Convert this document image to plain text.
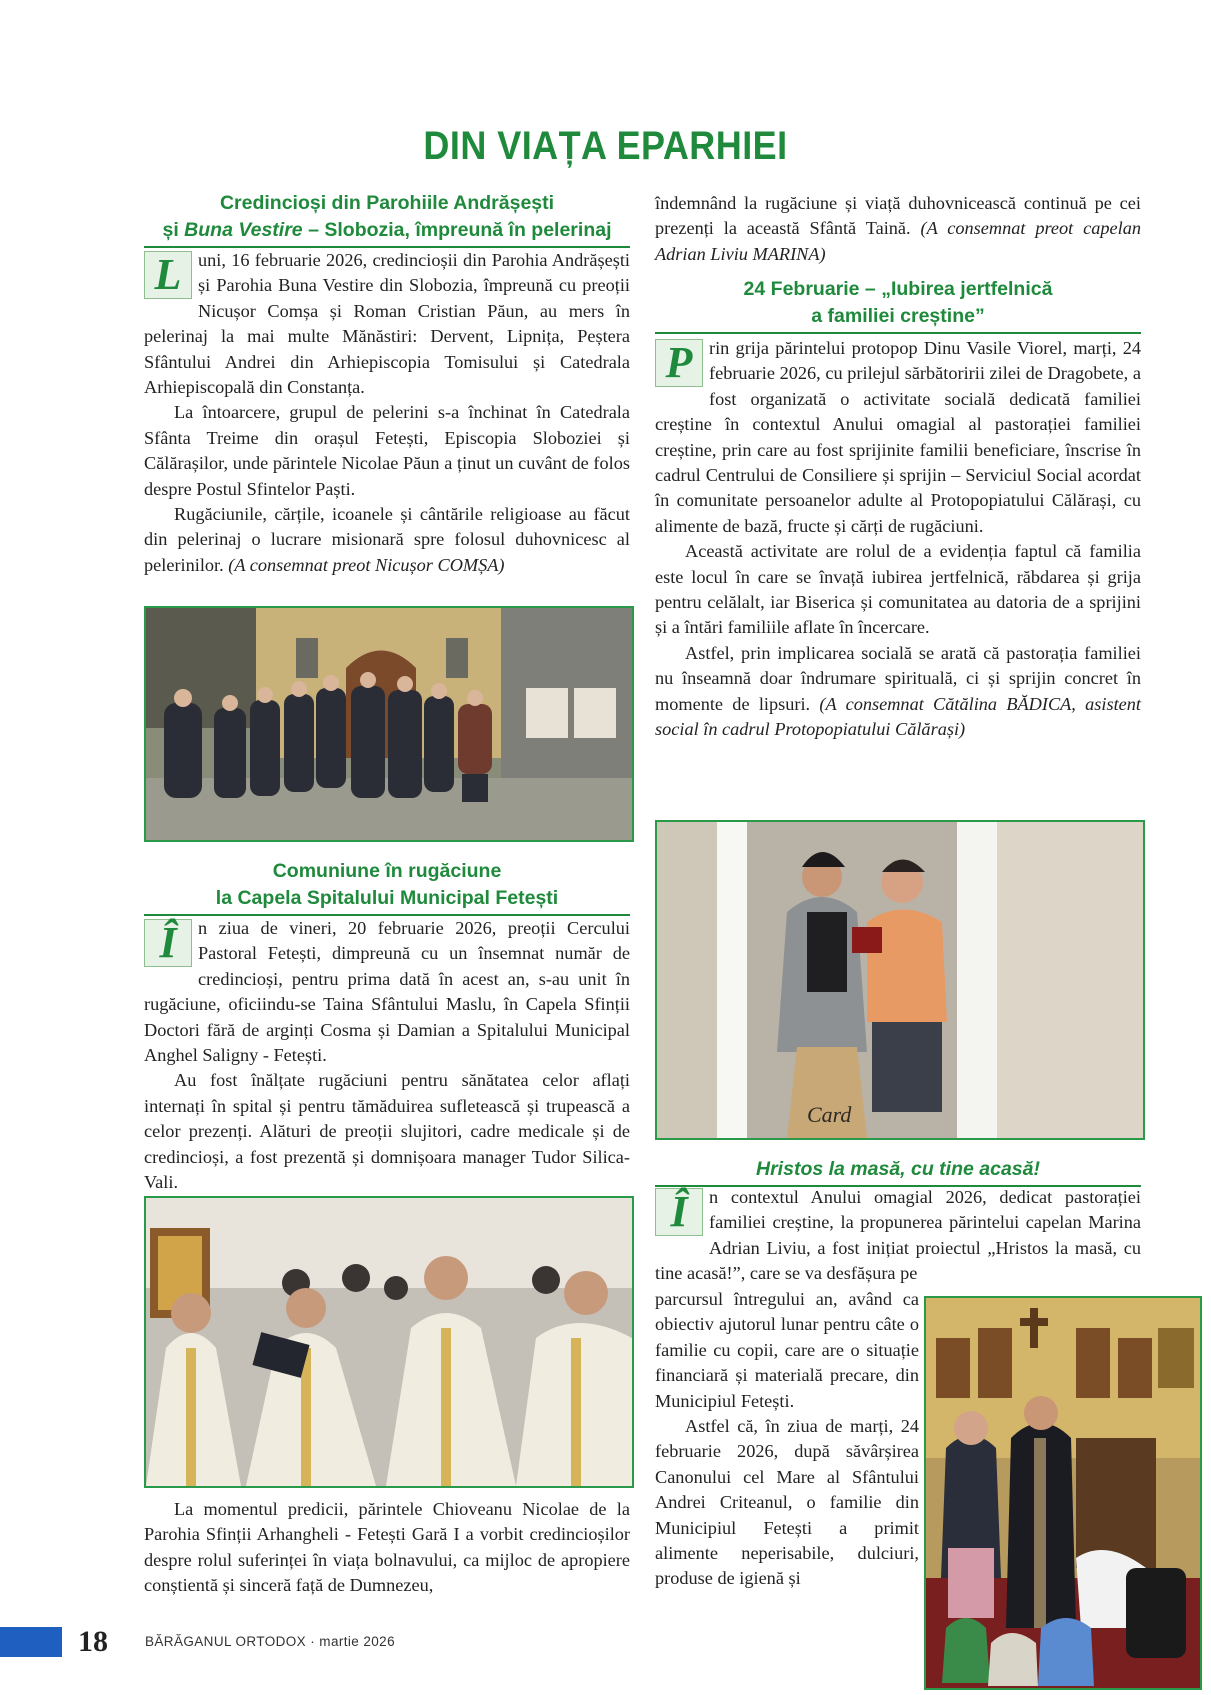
DIN VIAȚA EPARHIEI
Credincioși din Parohiile Andrășești
și Buna Vestire – Slobozia, împreună în pelerinaj

L uni, 16 februarie 2026, credincioșii din Parohia Andrășești și Parohia Buna Vestire din Slobozia, împreună cu preoții Nicușor Comșa și Roman Cristian Păun, au mers în pelerinaj la mai multe Mănăstiri: Dervent, Lipnița, Peștera Sfântului Andrei din Arhiepiscopia Tomisului și Catedrala Arhiepiscopală din Constanța.

La întoarcere, grupul de pelerini s-a închinat în Catedrala Sfânta Treime din orașul Fetești, Episcopia Sloboziei și Călărașilor, unde părintele Nicolae Păun a ținut un cuvânt de folos despre Postul Sfintelor Paști.

Rugăciunile, cărțile, icoanele și cântările religioase au făcut din pelerinaj o lucrare misionară spre folosul duhovnicesc al pelerinilor. (A consemnat preot Nicușor COMȘA)

Comuniune în rugăciune
la Capela Spitalului Municipal Fetești

Î	n ziua de vineri, 20 februarie 2026, preoții Cercului Pastoral Fetești, dimpreună cu un însemnat număr de credincioși, pentru prima dată în acest an, s-au unit în rugăciune, oficiindu-se Taina Sfântului Maslu, în Capela Sfinții Doctori fără de arginți Cosma și Damian a Spitalului Municipal Anghel Saligny - Fetești.

Au fost înălțate rugăciuni pentru sănătatea celor aflați internați în spital și pentru tămăduirea sufletească și trupească a celor prezenți. Alături de preoții slujitori, cadre medicale și de credincioși, a fost prezentă și domnișoara manager Tudor Silica-Vali.

La momentul predicii, părintele Chioveanu Nicolae de la Parohia Sfinții Arhangheli - Fetești Gară I a vorbit credincioșilor despre rolul suferinței în viața bolnavului, ca mijloc de apropiere conștientă și sinceră față de Dumnezeu,

îndemnând la rugăciune și viață duhovnicească continuă pe cei prezenți la această Sfântă Taină. (A consemnat preot capelan Adrian Liviu MARINA)

24 Februarie – „Iubirea jertfelnică
a familiei creștine”

P rin grija părintelui protopop Dinu Vasile Viorel, marți, 24 februarie 2026, cu prilejul sărbătoririi zilei de Dragobete, a fost organizată o activitate socială dedicată familiei creștine în contextul Anului omagial al pastorației familiei creștine, prin care au fost sprijinite familii beneficiare, înscrise în cadrul Centrului de Consiliere și sprijin – Serviciul Social acordat în comunitate persoanelor adulte al Protopopiatului Călărași, cu alimente de bază, fructe și cărți de rugăciuni.

Această activitate are rolul de a evidenția faptul că familia este locul în care se învață iubirea jertfelnică, răbdarea și grija pentru celălalt, iar Biserica și comunitatea au datoria de a sprijini și a întări familiile aflate în încercare.

Astfel, prin implicarea socială se arată că pastorația familiei nu înseamnă doar îndrumare spirituală, ci și sprijin concret în momente de lipsuri. (A consemnat Cătălina BĂDICA, asistent social în cadrul Protopopiatului Călărași)

Card
Hristos la masă, cu tine acasă!

Î	n contextul Anului omagial 2026, dedicat pastorației familiei creștine, la propunerea părintelui capelan Marina Adrian Liviu, a fost inițiat proiectul „Hristos la masă, cu tine acasă!”, care se va desfășura pe

parcursul întregului an, având ca obiectiv ajutorul lunar pentru câte o familie cu copii, care are o situație financiară și materială precare, din Municipiul Fetești.

Astfel că, în ziua de marți, 24 februarie 2026, după săvârșirea Canonului cel Mare al Sfântului Andrei Criteanul, o familie din Municipiul Fetești a primit alimente neperisabile, dulciuri, produse de igienă și

18	BĂRĂGANUL ORTODOX · martie 2026
